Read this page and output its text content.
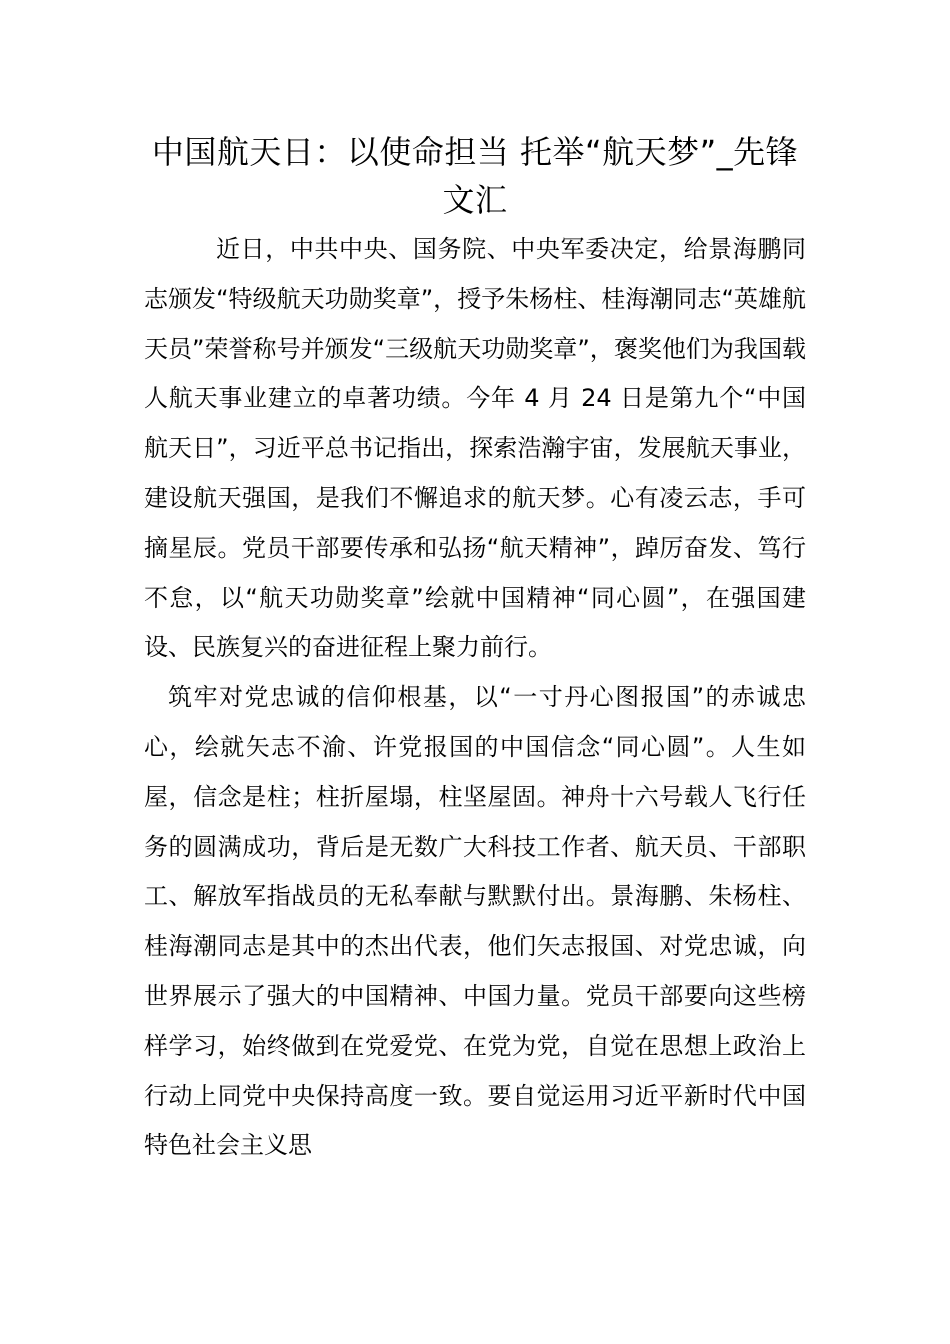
中国航天日：以使命担当 托举“航天梦”_先锋文汇

近日，中共中央、国务院、中央军委决定，给景海鹏同志颁发“特级航天功勋奖章”，授予朱杨柱、桂海潮同志“英雄航天员”荣誉称号并颁发“三级航天功勋奖章”，褒奖他们为我国载人航天事业建立的卓著功绩。今年 4 月 24 日是第九个“中国航天日”，习近平总书记指出，探索浩瀚宇宙，发展航天事业，建设航天强国，是我们不懈追求的航天梦。心有凌云志，手可摘星辰。党员干部要传承和弘扬“航天精神”，踔厉奋发、笃行不怠，以“航天功勋奖章”绘就中国精神“同心圆”，在强国建设、民族复兴的奋进征程上聚力前行。

筑牢对党忠诚的信仰根基，以“一寸丹心图报国”的赤诚忠心，绘就矢志不渝、许党报国的中国信念“同心圆”。人生如屋，信念是柱；柱折屋塌，柱坚屋固。神舟十六号载人飞行任务的圆满成功，背后是无数广大科技工作者、航天员、干部职工、解放军指战员的无私奉献与默默付出。景海鹏、朱杨柱、桂海潮同志是其中的杰出代表，他们矢志报国、对党忠诚，向世界展示了强大的中国精神、中国力量。党员干部要向这些榜样学习，始终做到在党爱党、在党为党，自觉在思想上政治上行动上同党中央保持高度一致。要自觉运用习近平新时代中国特色社会主义思
